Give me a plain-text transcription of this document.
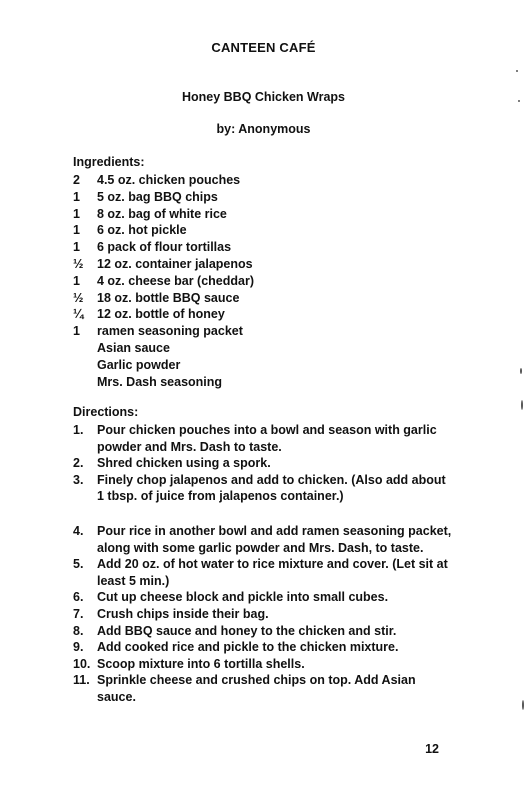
CANTEEN CAFÉ
Honey BBQ Chicken Wraps
by: Anonymous
Ingredients:
2	4.5 oz. chicken pouches
1	5 oz. bag BBQ chips
1	8 oz. bag of white rice
1	6 oz. hot pickle
1	6 pack of flour tortillas
½	12 oz. container jalapenos
1	4 oz. cheese bar (cheddar)
½	18 oz. bottle BBQ sauce
¼	12 oz. bottle of honey
1	ramen seasoning packet
Asian sauce
Garlic powder
Mrs. Dash seasoning
Directions:
1.	Pour chicken pouches into a bowl and season with garlic powder and Mrs. Dash to taste.
2.	Shred chicken using a spork.
3.	Finely chop jalapenos and add to chicken. (Also add about 1 tbsp. of juice from jalapenos container.)
4.	Pour rice in another bowl and add ramen seasoning packet, along with some garlic powder and Mrs. Dash, to taste.
5.	Add 20 oz. of hot water to rice mixture and cover. (Let sit at least 5 min.)
6.	Cut up cheese block and pickle into small cubes.
7.	Crush chips inside their bag.
8.	Add BBQ sauce and honey to the chicken and stir.
9.	Add cooked rice and pickle to the chicken mixture.
10. Scoop mixture into 6 tortilla shells.
11. Sprinkle cheese and crushed chips on top. Add Asian sauce.
12
